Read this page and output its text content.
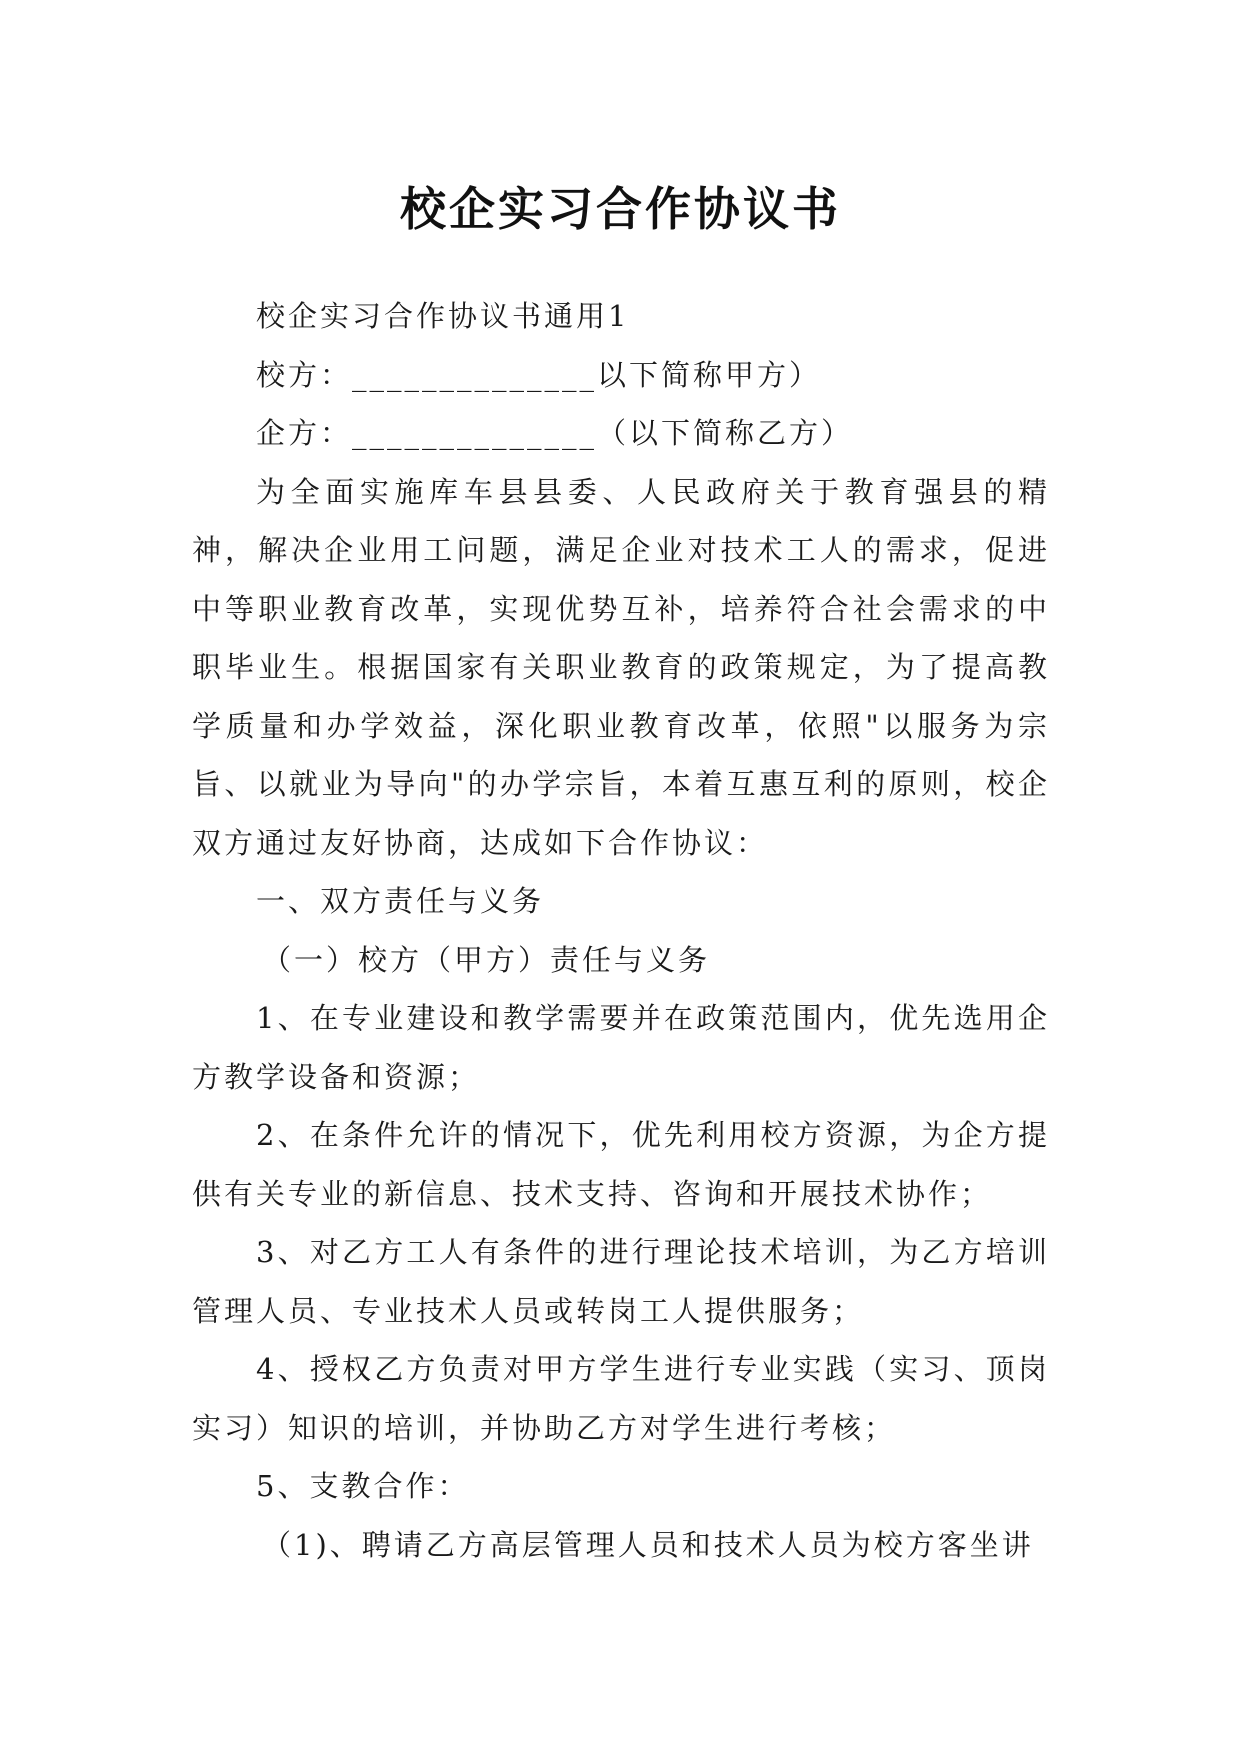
校企实习合作协议书

校企实习合作协议书通用1

校方：______________以下简称甲方）

企方：______________（以下简称乙方）

为全面实施库车县县委、人民政府关于教育强县的精神，解决企业用工问题，满足企业对技术工人的需求，促进中等职业教育改革，实现优势互补，培养符合社会需求的中职毕业生。根据国家有关职业教育的政策规定，为了提高教学质量和办学效益，深化职业教育改革，依照"以服务为宗旨、以就业为导向"的办学宗旨，本着互惠互利的原则，校企双方通过友好协商，达成如下合作协议：

一、双方责任与义务

（一）校方（甲方）责任与义务

1、在专业建设和教学需要并在政策范围内，优先选用企方教学设备和资源；

2、在条件允许的情况下，优先利用校方资源，为企方提供有关专业的新信息、技术支持、咨询和开展技术协作；

3、对乙方工人有条件的进行理论技术培训，为乙方培训管理人员、专业技术人员或转岗工人提供服务；

4、授权乙方负责对甲方学生进行专业实践（实习、顶岗实习）知识的培训，并协助乙方对学生进行考核；

5、支教合作：

（1)、聘请乙方高层管理人员和技术人员为校方客坐讲
